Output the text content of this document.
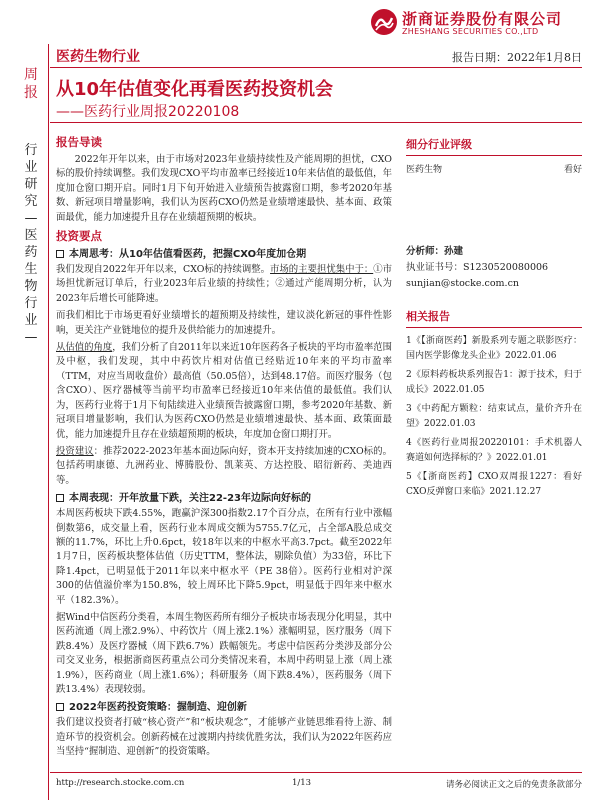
浙商证券股份有限公司
ZHESHANG SECURITIES CO.,LTD
周报
行业研究—医药生物行业—
医药生物行业	报告日期：2022年1月8日
从10年估值变化再看医药投资机会
——医药行业周报20220108
报告导读

2022年开年以来，由于市场对2023年业绩持续性及产能周期的担忧，CXO标的股价持续调整。我们发现CXO平均市盈率已经接近10年来估值的最低值，年度加仓窗口期开启。同时1月下旬开始进入业绩预告披露窗口期，参考2020年基数、新冠项目增量影响，我们认为医药CXO仍然是业绩增速最快、基本面、政策面最优，能力加速提升且存在业绩超预期的板块。

投资要点
本周思考：从10年估值看医药，把握CXO年度加仓期

我们发现自2022年开年以来，CXO标的持续调整。市场的主要担忧集中于：①市场担忧新冠订单后，行业2023年后业绩的持续性；②通过产能周期分析，认为2023年后增长可能降速。

而我们相比于市场更看好业绩增长的超预期及持续性，建议淡化新冠的事件性影响，更关注产业链地位的提升及供给能力的加速提升。

从估值的角度，我们分析了自2011年以来近10年医药各子板块的平均市盈率范围及中枢，我们发现，其中中药饮片相对估值已经贴近10年来的平均市盈率（TTM，对应当周收盘价）最高值（50.05倍），达到48.17倍。而医疗服务（包含CXO）、医疗器械等当前平均市盈率已经接近10年来估值的最低值。我们认为，医药行业将于1月下旬陆续进入业绩预告披露窗口期，参考2020年基数、新冠项目增量影响，我们认为医药CXO仍然是业绩增速最快、基本面、政策面最优，能力加速提升且存在业绩超预期的板块，年度加仓窗口期打开。

投资建议：推荐2022-2023年基本面边际向好，资本开支持续加速的CXO标的。包括药明康德、九洲药业、博腾股份、凯莱英、方达控股、昭衍新药、美迪西等。

本周表现：开年放量下跌，关注22-23年边际向好标的

本周医药板块下跌4.55%，跑赢沪深300指数2.17个百分点，在所有行业中涨幅倒数第6，成交量上看，医药行业本周成交额为5755.7亿元，占全部A股总成交额的11.7%，环比上升0.6pct，较18年以来的中枢水平高3.7pct。截至2022年1月7日，医药板块整体估值（历史TTM，整体法，剔除负值）为33倍，环比下降1.4pct，已明显低于2011年以来中枢水平（PE 38倍）。医药行业相对沪深300的估值溢价率为150.8%，较上周环比下降5.9pct，明显低于四年来中枢水平（182.3%）。

据Wind中信医药分类看，本周生物医药所有细分子板块市场表现分化明显，其中医药流通（周上涨2.9%）、中药饮片（周上涨2.1%）涨幅明显，医疗服务（周下跌8.4%）及医疗器械（周下跌6.7%）跌幅领先。考虑中信医药分类涉及部分公司交叉业务，根据浙商医药重点公司分类情况来看，本周中药明显上涨（周上涨1.9%），医药商业（周上涨1.6%）；科研服务（周下跌8.4%），医药服务（周下跌13.4%）表现较弱。

2022年医药投资策略：握制造、迎创新

我们建议投资者打破“核心资产”和“板块观念”，才能够产业链思维看待上游、制造环节的投资机会。创新药械在过渡期内持续优胜劣汰，我们认为2022年医药应当坚持“握制造、迎创新”的投资策略。

细分行业评级
医药生物	看好
分析师：孙建
执业证书号：S1230520080006
sunjian@stocke.com.cn
相关报告
1《【浙商医药】新股系列专题之联影医疗：国内医学影像龙头企业》2022.01.06
2《原料药板块系列报告1：源于技术，归于成长》2022.01.05
3《中药配方颗粒：结束试点，量价齐升在望》2022.01.03
4《医药行业周报20220101：手术机器人赛道如何选择标的？》2022.01.01
5《【浙商医药】CXO双周报1227：看好CXO反弹窗口来临》2021.12.27
http://research.stocke.com.cn	1/13	请务必阅读正文之后的免责条款部分
